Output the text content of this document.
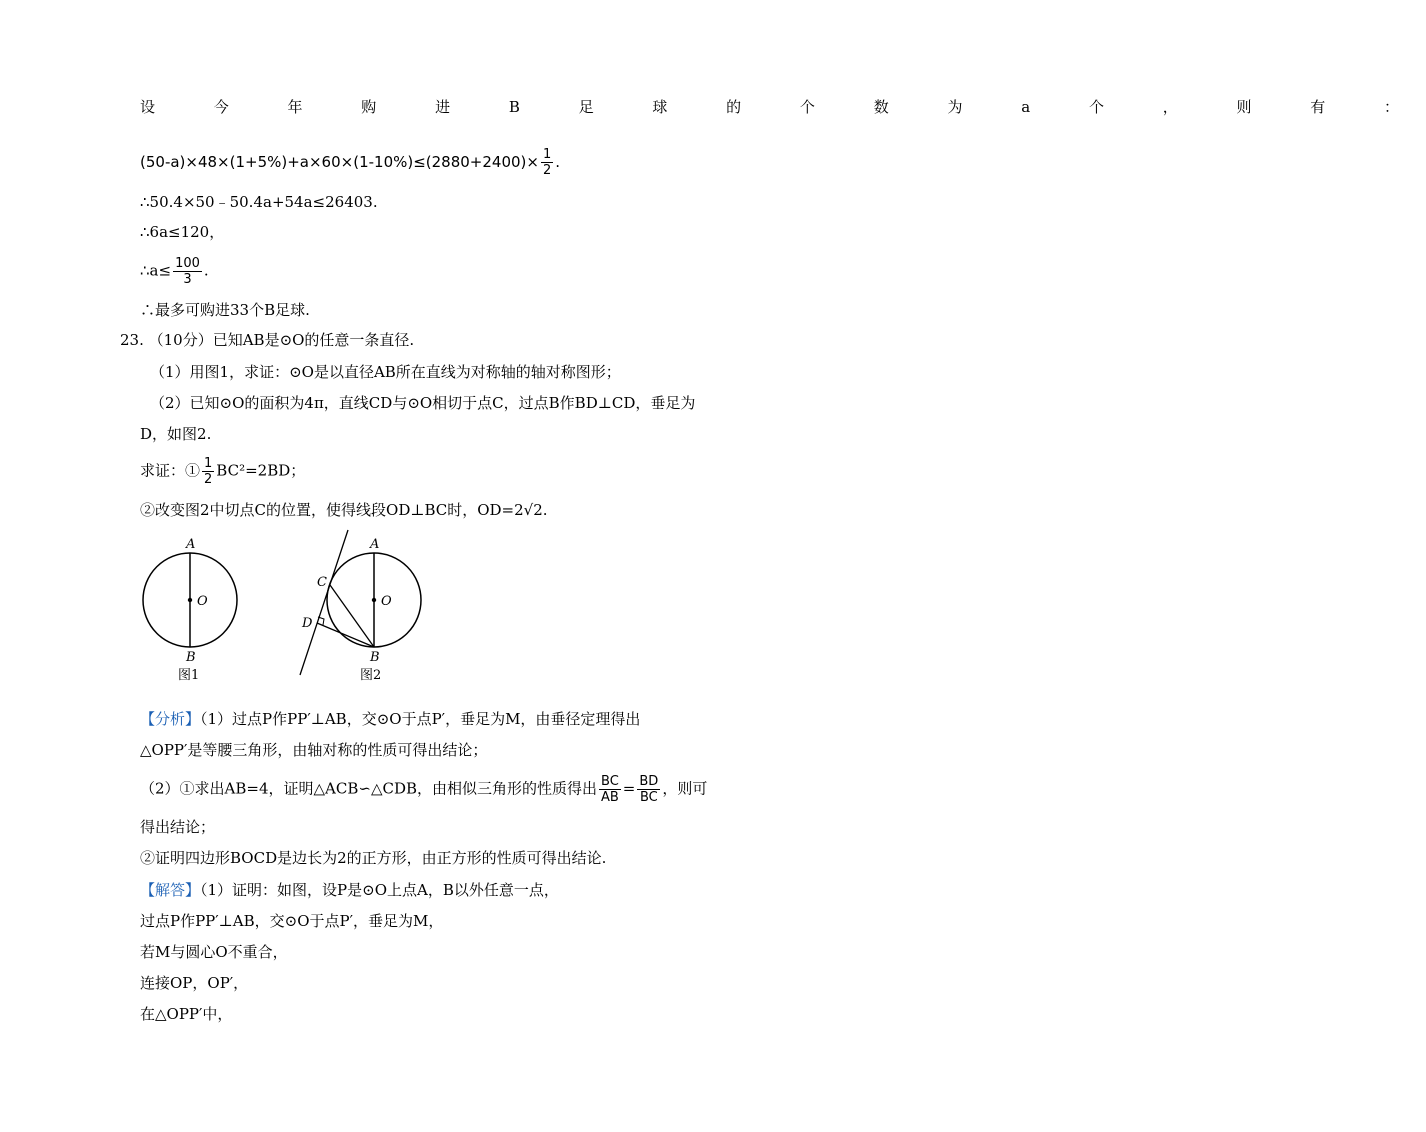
设 今 年 购 进 B 足 球 的 个 数 为 a 个 ， 则 有 ：
$(50-a)\times 48\times(1+5\%)+a\times 60\times(1-10\%)\le(2880+2400)\times \frac{1}{2}$ .
∴50.4×50﹣50.4a+54a≤26403.
∴6a≤120，
∴a≤ $\frac{100}{3}$ .
∴最多可购进33个B足球.
23. （10分）已知AB是⊙O的任意一条直径.
（1）用图1，求证：⊙O是以直径AB所在直线为对称轴的轴对称图形；
（2）已知⊙O的面积为4π，直线CD与⊙O相切于点C，过点B作BD⊥CD，垂足为
D，如图2.
求证：① $\frac{1}{2} BC^2=2BD$；
②改变图2中切点C的位置，使得线段OD⊥BC时，OD=2√2.
A
O
B
图1
A
O
B
C
D
图2
【分析】（1）过点P作PP′⊥AB，交⊙O于点P′，垂足为M，由垂径定理得出
△OPP′是等腰三角形，由轴对称的性质可得出结论；
（2）①求出AB=4，证明△ACB∽△CDB，由相似三角形的性质得出 $\frac{BC}{AB} = \frac{BD}{BC}$ ，则可
得出结论；
②证明四边形BOCD是边长为2的正方形，由正方形的性质可得出结论.
【解答】（1）证明：如图，设P是⊙O上点A，B以外任意一点，
过点P作PP′⊥AB，交⊙O于点P′，垂足为M，
若M与圆心O不重合，
连接OP，OP′，
在△OPP′中，
